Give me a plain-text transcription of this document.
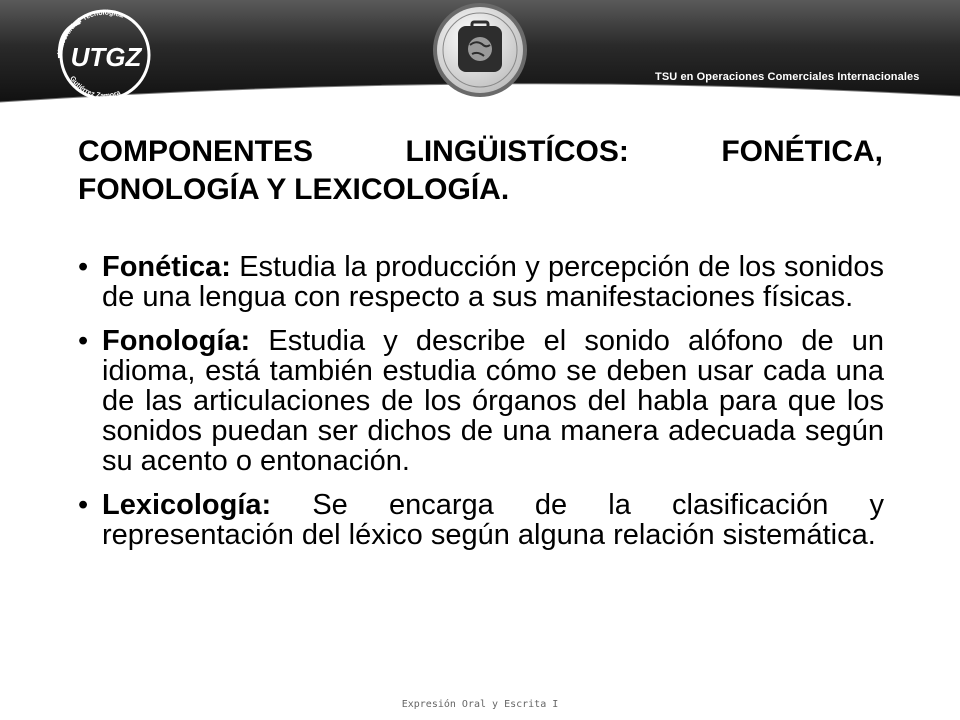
Universidad Tecnológica
Gutiérrez Zamora
UTGZ
TSU en Operaciones Comerciales Internacionales
COMPONENTES LINGÜISTÍCOS: FONÉTICA, FONOLOGÍA Y LEXICOLOGÍA.
• Fonética: Estudia la producción y percepción de los sonidos de una lengua con respecto a sus manifestaciones físicas.
• Fonología: Estudia y describe el sonido alófono de un idioma, está también estudia cómo se deben usar cada una de las articulaciones de los órganos del habla para que los sonidos puedan ser dichos de una manera adecuada según su acento o entonación.
• Lexicología: Se encarga de la clasificación y representación del léxico según alguna relación sistemática.
Expresión Oral y Escrita I
